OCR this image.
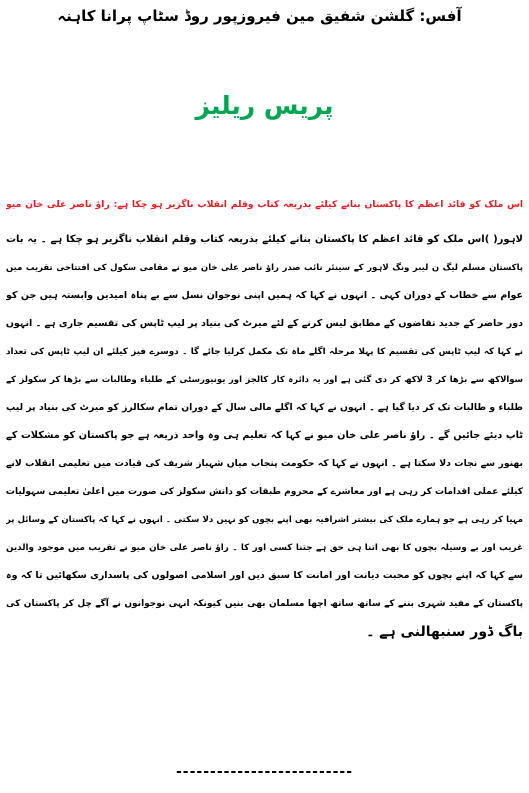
آفس: گلشن شفیق مین فیروزپور روڈ سٹاپ پرانا کاہنہ
پریس ریلیز
اس ملک کو قائد اعظم کا پاکستان بنانے کیلئے بذریعہ کتاب وقلم انقلاب ناگزیر ہو چکا ہے: راؤ ناصر علی خان میو
لاہور( )اس ملک کو قائد اعظم کا پاکستان بنانے کیلئے بذریعہ کتاب وقلم انقلاب ناگزیر ہو چکا ہے ۔ یہ بات
پاکستان مسلم لیگ ن لیبر ونگ لاہور کے سینئر نائب صدر راؤ ناصر علی خان میو نے مقامی سکول کی افتتاحی تقریب میں
عوام سے خطاب کے دوران کہی ۔ انہوں نے کہا کہ ہمیں اپنی نوجوان نسل سے بے پناہ امیدیں وابستہ ہیں جن کو
دور حاضر کے جدید تقاضوں کے مطابق لیس کرنے کے لئے میرٹ کی بنیاد پر لیپ ٹاپس کی تقسیم جاری ہے ۔ انہوں
نے کہا کہ لیپ ٹاپس کی تقسیم کا پہلا مرحلہ اگلے ماہ تک مکمل کرلیا جائے گا ۔ دوسرے فیز کیلئے ان لیپ ٹاپس کی تعداد
سوالاکھ سے بڑھا کر 3 لاکھ کر دی گئی ہے اور یہ دائرہ کار کالجز اور یونیورسٹی کے طلباء وطالبات سے بڑھا کر سکولز کے
طلباء و طالبات تک کر دیا گیا ہے ۔ انہوں نے کہا کہ اگلے مالی سال کے دوران تمام سکالرز کو میرٹ کی بنیاد پر لیپ
ٹاپ دیئے جائیں گے ۔ راؤ ناصر علی خان میو نے کہا کہ تعلیم ہی وہ واحد ذریعہ ہے جو پاکستان کو مشکلات کے
بھنور سے نجات دلا سکتا ہے ۔ انہوں نے کہا کہ حکومت پنجاب میاں شہباز شریف کی قیادت میں تعلیمی انقلاب لانے
کیلئے عملی اقدامات کر رہی ہے اور معاشرے کے محروم طبقات کو دانش سکولز کی صورت میں اعلیٰ تعلیمی سہولیات
مہیا کر رہی ہے جو ہمارے ملک کی بیشتر اشرافیہ بھی اپنے بچوں کو نہیں دلا سکتی ۔ انہوں نے کہا کہ پاکستان کے وسائل پر
غریب اور بے وسیلہ بچوں کا بھی اتنا ہی حق ہے جتنا کسی اور کا ۔ راؤ ناصر علی خان میو نے تقریب میں موجود والدین
سے کہا کہ اپنے بچوں کو محبت دیانت اور امانت کا سبق دیں اور اسلامی اصولوں کی پاسداری سکھائیں تا کہ وہ
پاکستان کے مفید شہری بننے کے ساتھ ساتھ اچھا مسلمان بھی بنیں کیونکہ انہی نوجوانوں نے آگے چل کر پاکستان کی
باگ ڈور سنبھالنی ہے ۔
--------------------------
